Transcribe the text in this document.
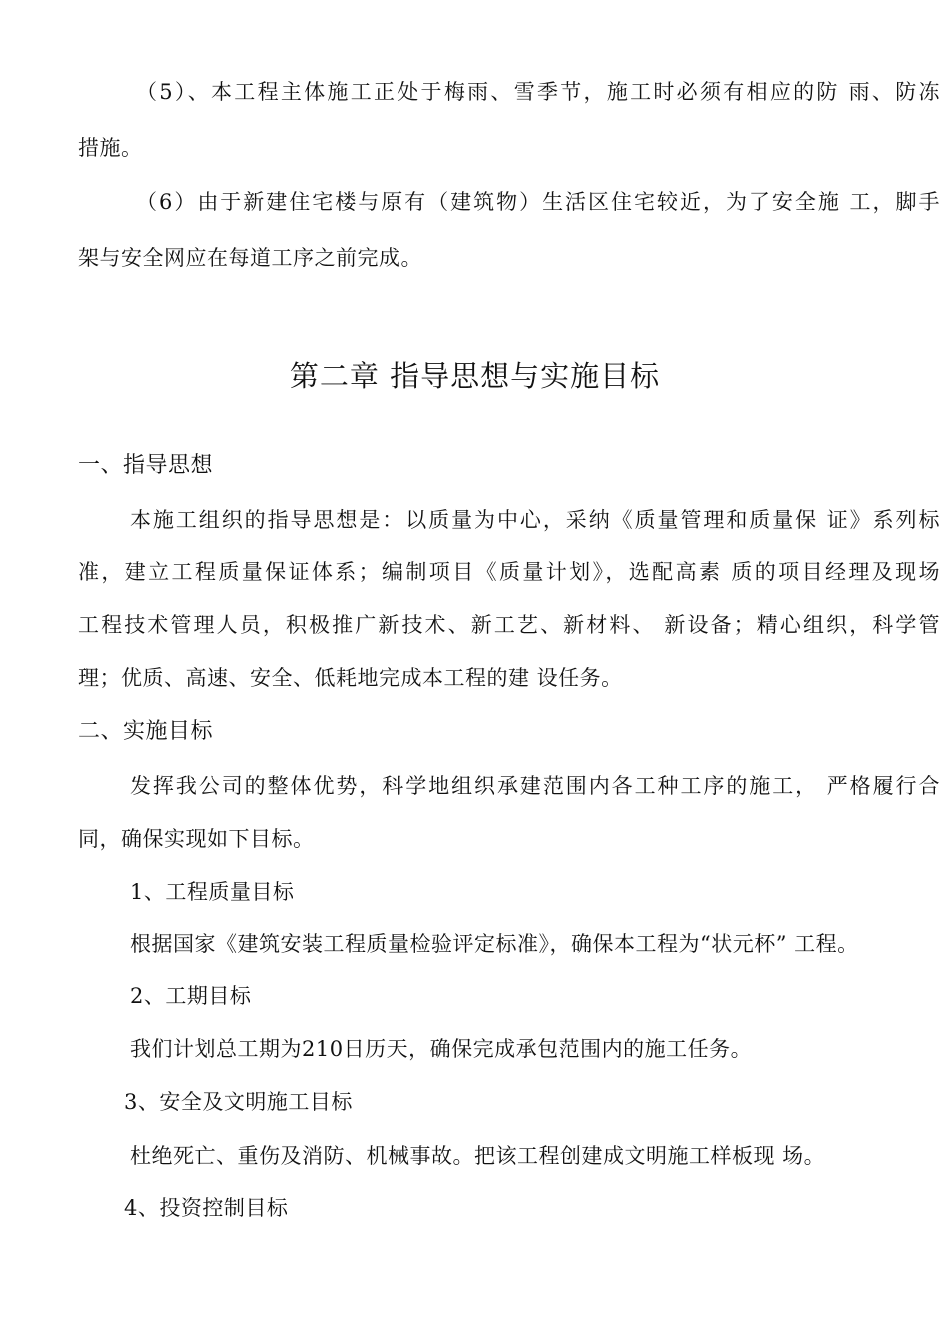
（5）、本工程主体施工正处于梅雨、雪季节，施工时必须有相应的防 雨、防冻
措施。
（6）由于新建住宅楼与原有（建筑物）生活区住宅较近，为了安全施 工，脚手
架与安全网应在每道工序之前完成。
第二章 指导思想与实施目标
一、指导思想
本施工组织的指导思想是：以质量为中心，采纳《质量管理和质量保 证》系列标
准，建立工程质量保证体系；编制项目《质量计划》，选配高素 质的项目经理及现场
工程技术管理人员，积极推广新技术、新工艺、新材料、 新设备；精心组织，科学管
理；优质、高速、安全、低耗地完成本工程的建 设任务。
二、实施目标
发挥我公司的整体优势，科学地组织承建范围内各工种工序的施工， 严格履行合
同，确保实现如下目标。
1、工程质量目标
根据国家《建筑安装工程质量检验评定标准》，确保本工程为“状元杯” 工程。
2、工期目标
我们计划总工期为210日历天，确保完成承包范围内的施工任务。
3、安全及文明施工目标
杜绝死亡、重伤及消防、机械事故。把该工程创建成文明施工样板现 场。
4、投资控制目标
